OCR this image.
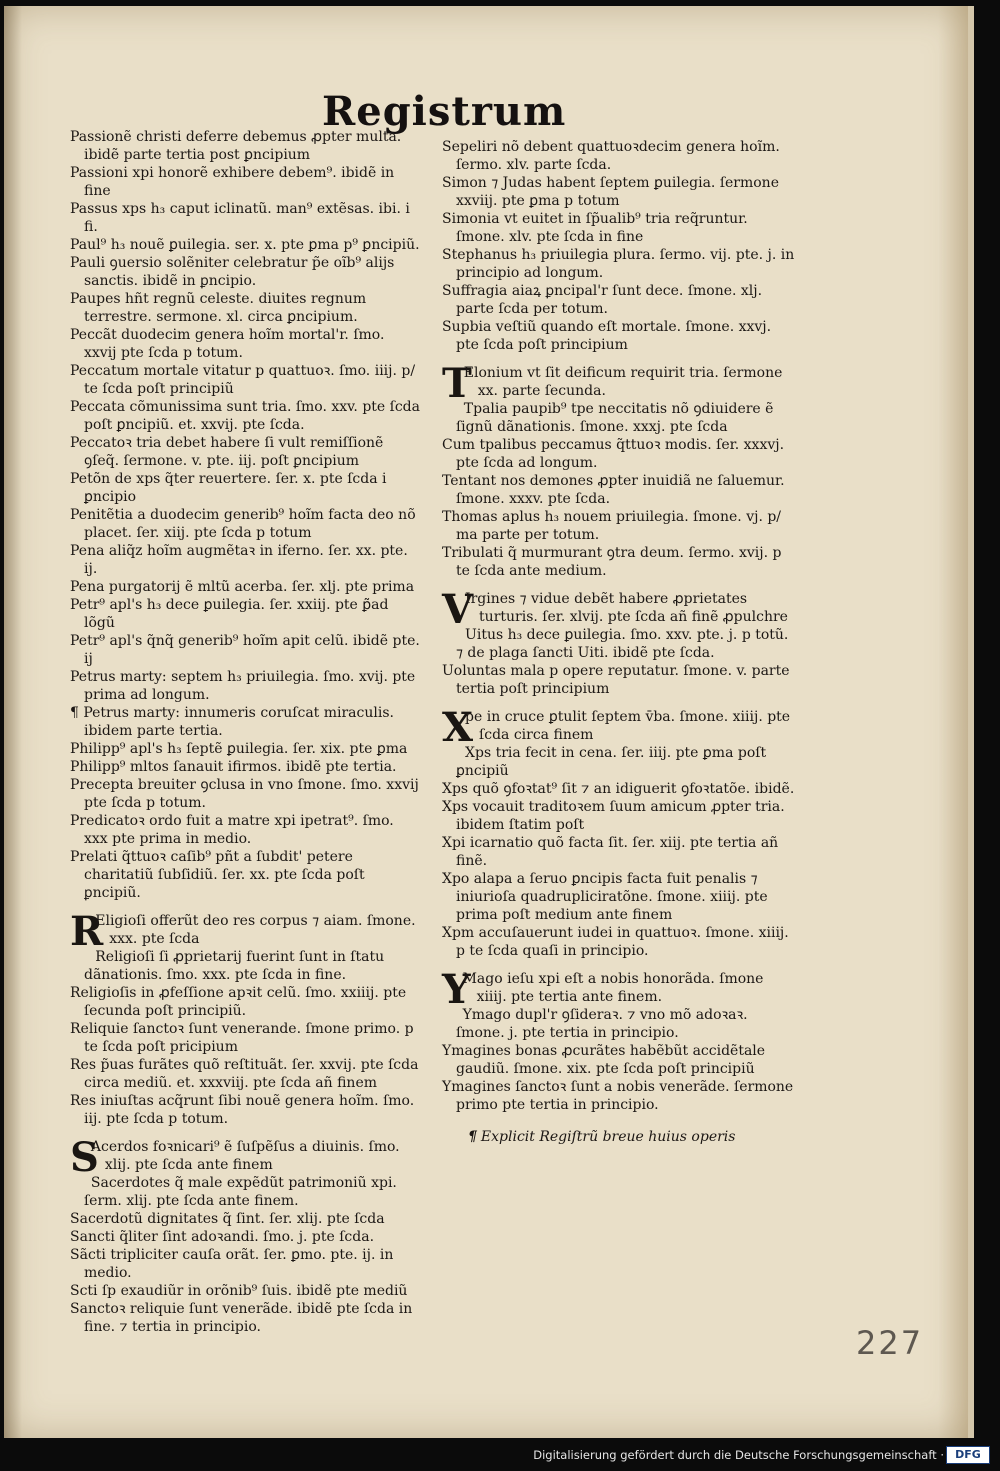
Registrum
Passionẽ christi deferre debemus ꝓpter multa. ibidẽ parte tertia post ꝑncipium
Passioni xpi honorẽ exhibere debem⁹. ibidẽ in fine
Passus xps h₃ caput iclinatũ. man⁹ extẽsas. ibi. i fi.
Paul⁹ h₃ nouẽ ꝑuilegia. ser. x. pte ꝑma p⁹ ꝑncipiũ.
Pauli ꝯuersio solẽniter celebratur p̃e oĩb⁹ alijs sanctis. ibidẽ in ꝑncipio.
Paupes hñt regnũ celeste. diuites regnum terrestre. sermone. xl. circa ꝑncipium.
Peccãt duodecim genera hoĩm mortal'r. ſmo. xxvij pte ſcda p totum.
Peccatum mortale vitatur p quattuoꝛ. ſmo. iiij. p/ te ſcda poſt principiũ
Peccata cõmunissima sunt tria. ſmo. xxv. pte ſcda poſt ꝑncipiũ. et. xxvij. pte ſcda.
Peccatoꝛ tria debet habere ſi vult remiſſionẽ ꝯſeq̃. ſermone. v. pte. iij. poſt ꝑncipium
Petõn de xps q̃ter reuertere. ſer. x. pte ſcda i ꝑncipio
Penitẽtia a duodecim generib⁹ hoĩm facta deo nõ placet. ſer. xiij. pte ſcda p totum
Pena aliq̃z hoĩm augmẽtaꝛ in iferno. ſer. xx. pte. ij.
Pena purgatorij ẽ mltũ acerba. ſer. xlj. pte prima
Petr⁹ apl's h₃ dece ꝑuilegia. ſer. xxiij. pte ꝑ̃ad lõgũ
Petr⁹ apl's q̃nq̃ generib⁹ hoĩm apit celũ. ibidẽ pte. ij
Petrus marty: septem h₃ priuilegia. ſmo. xvij. pte prima ad longum.
¶ Petrus marty: innumeris coruſcat miraculis. ibidem parte tertia.
Philipp⁹ apl's h₃ ſeptẽ ꝑuilegia. ſer. xix. pte ꝑma
Philipp⁹ mltos ſanauit ifirmos. ibidẽ pte tertia.
Precepta breuiter ꝯclusa in vno ſmone. ſmo. xxvij pte ſcda p totum.
Predicatoꝛ ordo fuit a matre xpi ipetrat⁹. ſmo. xxx pte prima in medio.
Prelati q̃ttuoꝛ caſib⁹ pñt a ſubdit' petere charitatiũ ſubſidiũ. ſer. xx. pte ſcda poſt ꝑncipiũ.
R
Eligioſi offerũt deo res corpus ⁊ aiam. ſmone. xxx. pte ſcda
Religioſi ſi ꝓprietarij fuerint ſunt in ſtatu dãnationis. ſmo. xxx. pte ſcda in fine.
Religioſis in ꝓfeſſione apꝛit celũ. ſmo. xxiiij. pte ſecunda poſt principiũ.
Reliquie ſanctoꝛ ſunt venerande. ſmone primo. p te ſcda poſt pricipium
Res p̃uas furãtes quõ reſtituãt. ſer. xxvij. pte ſcda circa mediũ. et. xxxviij. pte ſcda añ finem
Res iniuſtas acq̃runt ſibi nouẽ genera hoĩm. ſmo. iij. pte ſcda p totum.
S
Acerdos foꝛnicari⁹ ẽ ſuſpẽſus a diuinis. ſmo. xlij. pte ſcda ante finem
Sacerdotes q̃ male expẽdũt patrimoniũ xpi. ſerm. xlij. pte ſcda ante finem.
Sacerdotũ dignitates q̃ ſint. ſer. xlij. pte ſcda
Sancti q̃liter ſint adoꝛandi. ſmo. j. pte ſcda.
Sãcti tripliciter cauſa orãt. ſer. ꝑmo. pte. ij. in medio.
Scti ſp exaudiũr in orõnib⁹ ſuis. ibidẽ pte mediũ
Sanctoꝛ reliquie ſunt venerãde. ibidẽ pte ſcda in fine. ⁊ tertia in principio.
Sepeliri nõ debent quattuoꝛdecim genera hoĩm. ſermo. xlv. parte ſcda.
Simon ⁊ Judas habent ſeptem ꝑuilegia. ſermone xxviij. pte ꝑma p totum
Simonia vt euitet in ſp̃ualib⁹ tria req̃runtur. ſmone. xlv. pte ſcda in fine
Stephanus h₃ priuilegia plura. ſermo. vij. pte. j. in principio ad longum.
Suffragia aiaꝝ ꝑncipal'r ſunt dece. ſmone. xlj. parte ſcda per totum.
Supbia veſtiũ quando eſt mortale. ſmone. xxvj. pte ſcda poſt principium
T
Elonium vt ſit deificum requirit tria. ſermone xx. parte ſecunda.
Tpalia paupib⁹ tpe neccitatis nõ ꝯdiuidere ẽ ſignũ dãnationis. ſmone. xxxj. pte ſcda
Cum tpalibus peccamus q̃ttuoꝛ modis. ſer. xxxvj. pte ſcda ad longum.
Tentant nos demones ꝓpter inuidiã ne ſaluemur. ſmone. xxxv. pte ſcda.
Thomas aplus h₃ nouem priuilegia. ſmone. vj. p/ ma parte per totum.
Tribulati q̃ murmurant ꝯtra deum. ſermo. xvij. p te ſcda ante medium.
V
Irgines ⁊ vidue debẽt habere ꝓprietates turturis. ſer. xlvij. pte ſcda añ finẽ ꝓpulchre
Uitus h₃ dece ꝑuilegia. ſmo. xxv. pte. j. p totũ. ⁊ de plaga ſancti Uiti. ibidẽ pte ſcda.
Uoluntas mala p opere reputatur. ſmone. v. parte tertia poſt principium
X
pe in cruce ꝑtulit ſeptem v̄ba. ſmone. xiiij. pte ſcda circa finem
Xps tria fecit in cena. ſer. iiij. pte ꝑma poſt ꝑncipiũ
Xps quõ ꝯfoꝛtat⁹ ſit ⁊ an idiguerit ꝯfoꝛtatõe. ibidẽ.
Xps vocauit traditoꝛem ſuum amicum ꝓpter tria. ibidem ſtatim poſt
Xpi icarnatio quõ facta ſit. ſer. xiij. pte tertia añ finẽ.
Xpo alapa a ſeruo ꝑncipis facta fuit penalis ⁊ iniurioſa quadrupliciratõne. ſmone. xiiij. pte prima poſt medium ante finem
Xpm accuſauerunt iudei in quattuoꝛ. ſmone. xiiij. p te ſcda quaſi in principio.
Y
Mago ieſu xpi eſt a nobis honorãda. ſmone xiiij. pte tertia ante finem.
Ymago dupl'r ꝯſideraꝛ. ⁊ vno mõ adoꝛaꝛ. ſmone. j. pte tertia in principio.
Ymagines bonas ꝓcurãtes habẽbũt accidẽtale gaudiũ. ſmone. xix. pte ſcda poſt principiũ
Ymagines ſanctoꝛ ſunt a nobis venerãde. ſermone primo pte tertia in principio.
¶ Explicit Regiſtrũ breue huius operis
227
Digitalisierung gefördert durch die Deutsche Forschungsgemeinschaft ·	DFG
